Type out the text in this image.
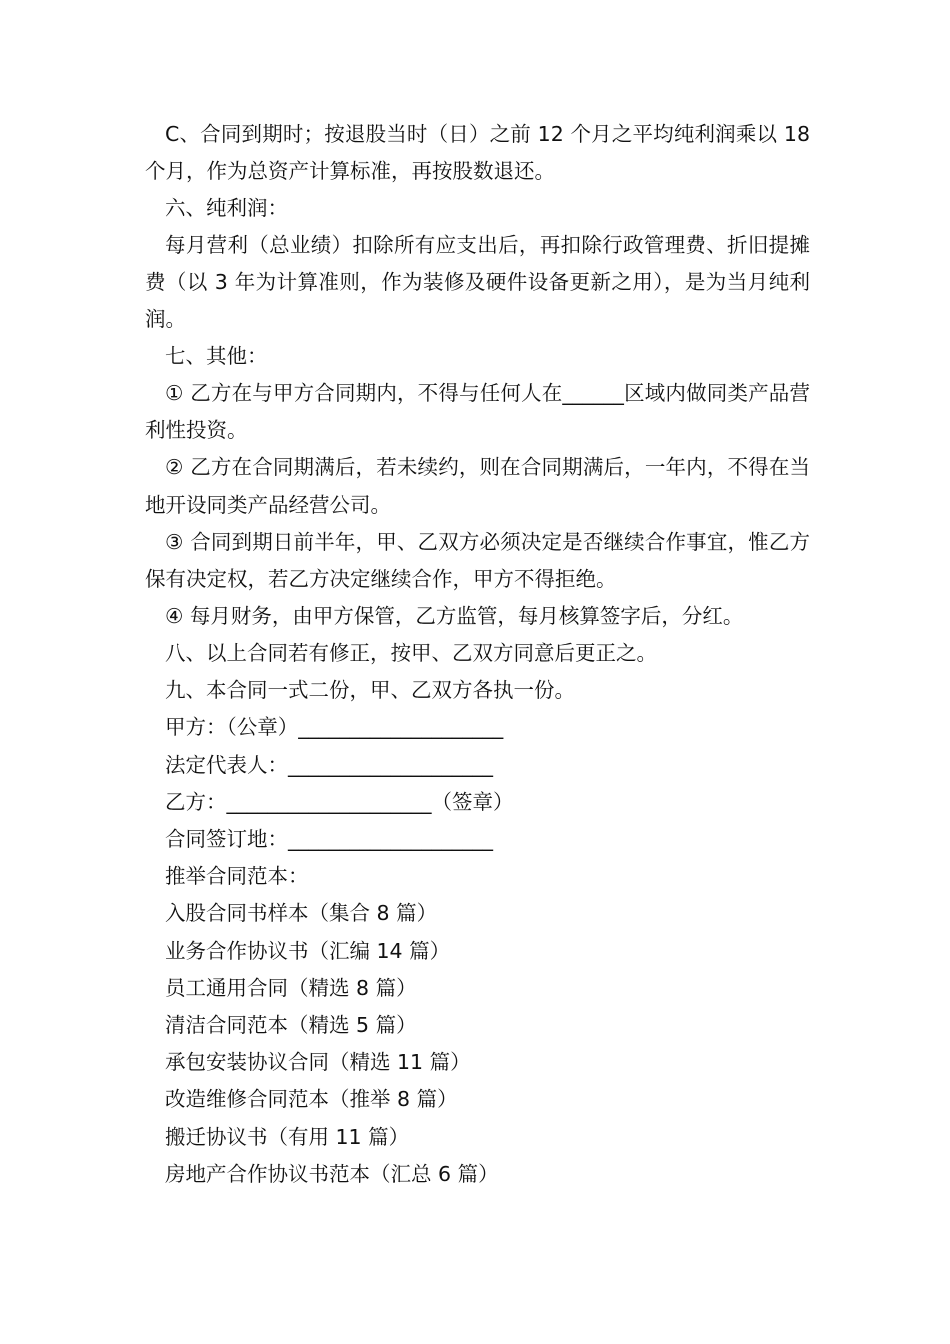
C、合同到期时；按退股当时（日）之前 12 个月之平均纯利润乘以 18 个月，作为总资产计算标准，再按股数退还。

六、纯利润：

每月营利（总业绩）扣除所有应支出后，再扣除行政管理费、折旧提摊费（以 3 年为计算准则，作为装修及硬件设备更新之用），是为当月纯利润。

七、其他：

① 乙方在与甲方合同期内，不得与任何人在______区域内做同类产品营利性投资。

② 乙方在合同期满后，若未续约，则在合同期满后，一年内，不得在当地开设同类产品经营公司。

③ 合同到期日前半年，甲、乙双方必须决定是否继续合作事宜，惟乙方保有决定权，若乙方决定继续合作，甲方不得拒绝。

④ 每月财务，由甲方保管，乙方监管，每月核算签字后，分红。

八、以上合同若有修正，按甲、乙双方同意后更正之。

九、本合同一式二份，甲、乙双方各执一份。

甲方：（公章）____________________
法定代表人：____________________
乙方：____________________（签章）
合同签订地：____________________
推举合同范本：
入股合同书样本（集合 8 篇）
业务合作协议书（汇编 14 篇）
员工通用合同（精选 8 篇）
清洁合同范本（精选 5 篇）
承包安装协议合同（精选 11 篇）
改造维修合同范本（推举 8 篇）
搬迁协议书（有用 11 篇）
房地产合作协议书范本（汇总 6 篇）
